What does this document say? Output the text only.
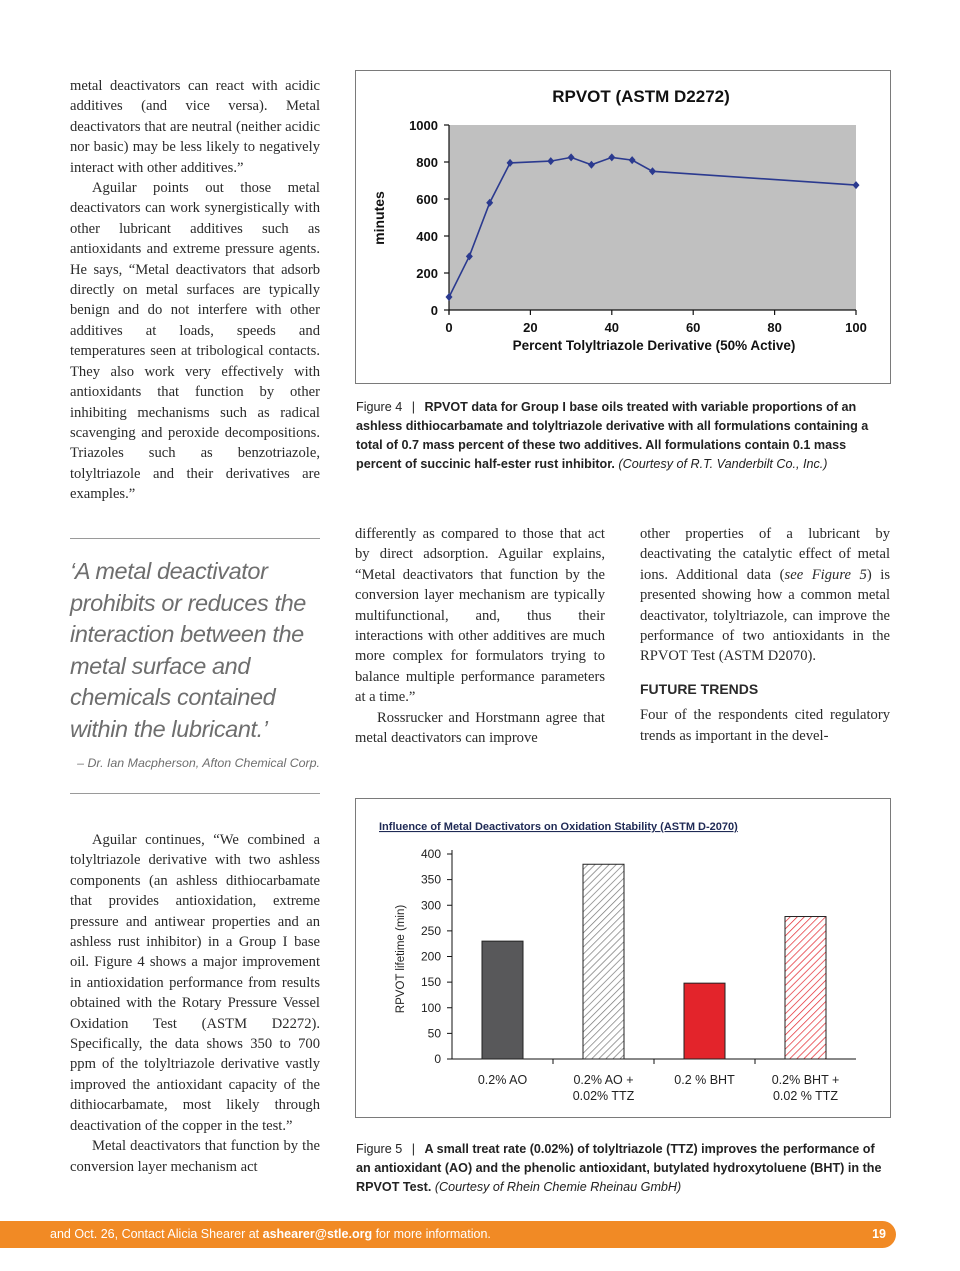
metal deactivators can react with acidic additives (and vice versa). Metal deactivators that are neutral (neither acidic nor basic) may be less likely to negatively interact with other additives.”

Aguilar points out those metal deactivators can work synergistically with other lubricant additives such as antioxidants and extreme pressure agents. He says, “Metal deactivators that adsorb directly on metal surfaces are typically benign and do not interfere with other additives at loads, speeds and temperatures seen at tribological contacts. They also work very effectively with antioxidants that function by other inhibiting mechanisms such as radical scavenging and peroxide decompositions. Triazoles such as benzotriazole, tolyltriazole and their derivatives are examples.”

‘A metal deactivator prohibits or reduces the interaction between the metal surface and chemicals contained within the lubricant.’
– Dr. Ian Macpherson, Afton Chemical Corp.

Aguilar continues, “We combined a tolyltriazole derivative with two ashless components (an ashless dithiocarbamate that provides antioxidation, extreme pressure and antiwear properties and an ashless rust inhibitor) in a Group I base oil. Figure 4 shows a major improvement in antioxidation performance from results obtained with the Rotary Pressure Vessel Oxidation Test (ASTM D2272). Specifically, the data shows 350 to 700 ppm of the tolyltriazole derivative vastly improved the antioxidant capacity of the dithiocarbamate, most likely through deactivation of the copper in the test.”

Metal deactivators that function by the conversion layer mechanism act

RPVOT (ASTM D2272)
0
200
400
600
800
1000
0	20	40	60	80	100
Percent Tolyltriazole Derivative (50% Active)
minutes
Figure 4 | RPVOT data for Group I base oils treated with variable proportions of an ashless dithiocarbamate and tolyltriazole derivative with all formulations containing a total of 0.7 mass percent of these two additives. All formulations contain 0.1 mass percent of succinic half-ester rust inhibitor. (Courtesy of R.T. Vanderbilt Co., Inc.)

differently as compared to those that act by direct adsorption. Aguilar explains, “Metal deactivators that function by the conversion layer mechanism are typically multifunctional, and, thus their interactions with other additives are much more complex for formulators trying to balance multiple performance parameters at a time.”

Rossrucker and Horstmann agree that metal deactivators can improve

other properties of a lubricant by deactivating the catalytic effect of metal ions. Additional data (see Figure 5) is presented showing how a common metal deactivator, tolyltriazole, can improve the performance of two antioxidants in the RPVOT Test (ASTM D2070).

FUTURE TRENDS

Four of the respondents cited regulatory trends as important in the devel-

Influence of Metal Deactivators on Oxidation Stability (ASTM D-2070)
0
50
100
150
200
250
300
350
400
RPVOT lifetime (min)
0.2% AO	0.2% AO +
0.02% TTZ
0.2 % BHT	0.2% BHT +
0.02 % TTZ
Figure 5 | A small treat rate (0.02%) of tolyltriazole (TTZ) improves the performance of an antioxidant (AO) and the phenolic antioxidant, butylated hydroxytoluene (BHT) in the RPVOT Test. (Courtesy of Rhein Chemie Rheinau GmbH)
and Oct. 26, Contact Alicia Shearer at ashearer@stle.org for more information.	19
